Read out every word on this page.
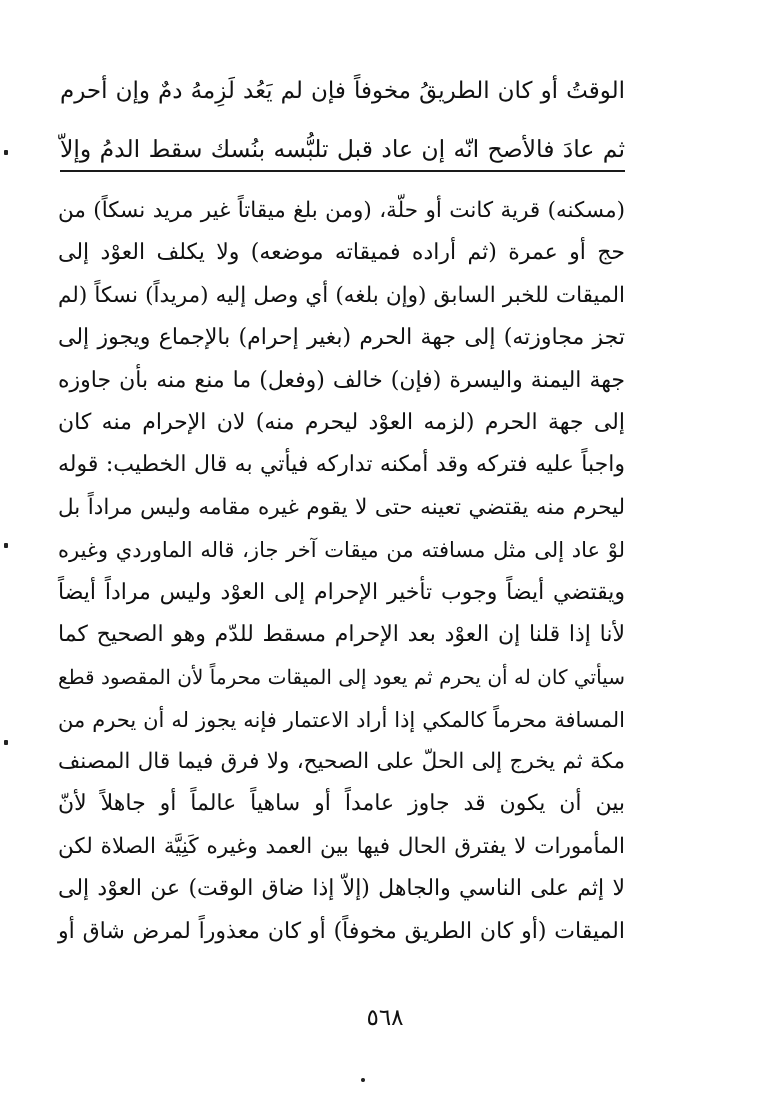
الوقتُ أو كان الطريقُ مخوفاً فإن لم يَعُد لَزِمهُ دمٌ وإن أحرم
ثم عادَ فالأصح انّه إن عاد قبل تلبُّسه بنُسك سقط الدمُ وإلاّ
(مسكنه) قرية كانت أو حلّة، (ومن بلغ ميقاتاً غير مريد نسكاً) من
حج أو عمرة (ثم أراده فميقاته موضعه) ولا يكلف العوْد إلى
الميقات للخبر السابق (وإن بلغه) أي وصل إليه (مريداً) نسكاً (لم
تجز مجاوزته) إلى جهة الحرم (بغير إحرام) بالإجماع ويجوز إلى
جهة اليمنة واليسرة (فإن) خالف (وفعل) ما منع منه بأن جاوزه
إلى جهة الحرم (لزمه العوْد ليحرم منه) لان الإحرام منه كان
واجباً عليه فتركه وقد أمكنه تداركه فيأتي به قال الخطيب: قوله
ليحرم منه يقتضي تعينه حتى لا يقوم غيره مقامه وليس مراداً بل
لوْ عاد إلى مثل مسافته من ميقات آخر جاز، قاله الماوردي وغيره
ويقتضي أيضاً وجوب تأخير الإحرام إلى العوْد وليس مراداً أيضاً
لأنا إذا قلنا إن العوْد بعد الإحرام مسقط للدّم وهو الصحيح كما
سيأتي كان له أن يحرم ثم يعود إلى الميقات محرماً لأن المقصود قطع
المسافة محرماً كالمكي إذا أراد الاعتمار فإنه يجوز له أن يحرم من
مكة ثم يخرج إلى الحلّ على الصحيح، ولا فرق فيما قال المصنف
بين أن يكون قد جاوز عامداً أو ساهياً عالماً أو جاهلاً لأنّ
المأمورات لا يفترق الحال فيها بين العمد وغيره كَنِيَّة الصلاة لكن
لا إثم على الناسي والجاهل (إلاّ إذا ضاق الوقت) عن العوْد إلى
الميقات (أو كان الطريق مخوفاً) أو كان معذوراً لمرض شاق أو
٥٦٨
